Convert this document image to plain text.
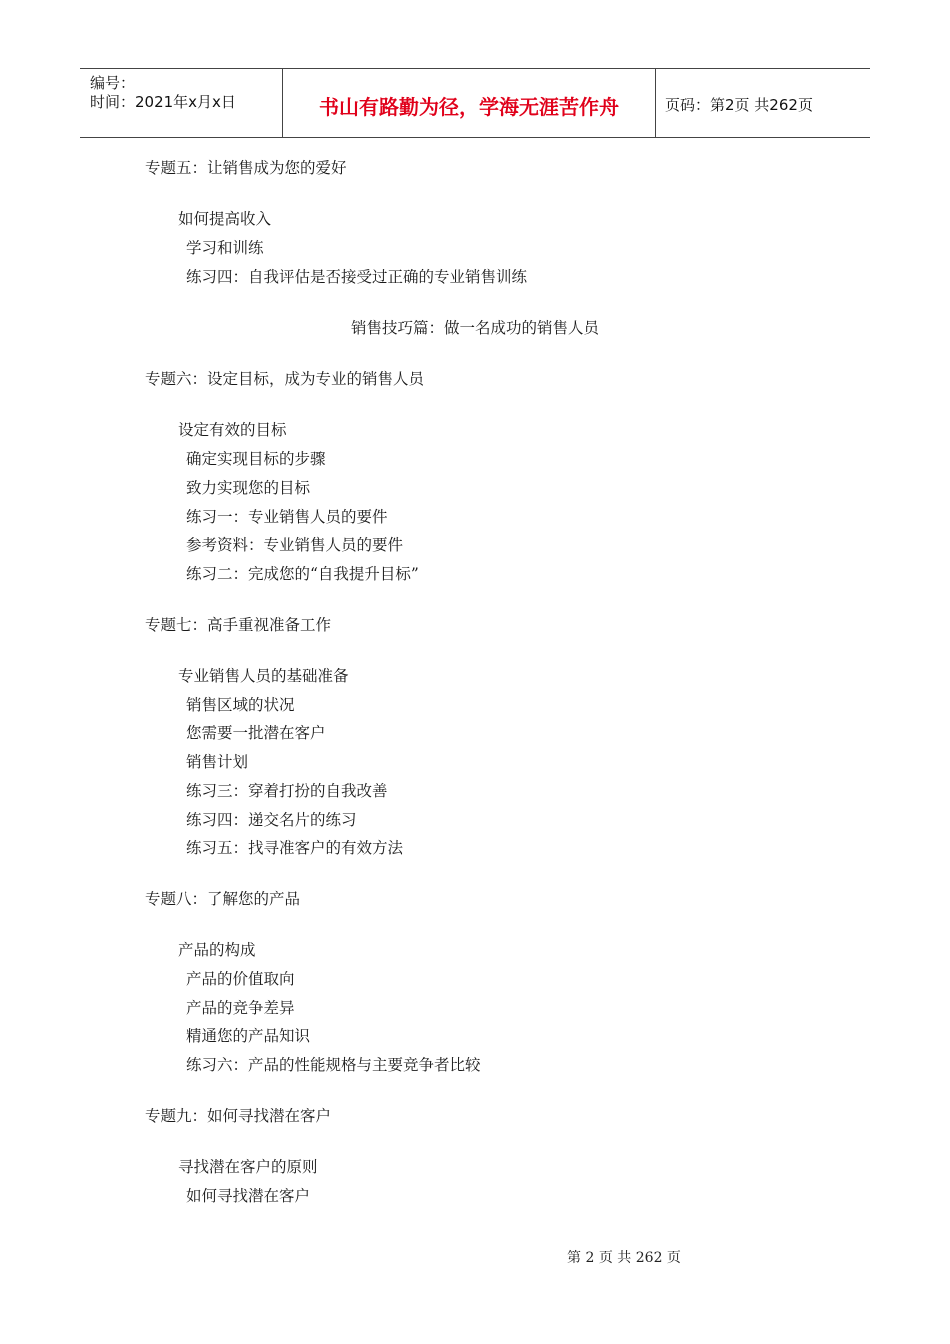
编号：
时间：2021年x月x日	书山有路勤为径，学海无涯苦作舟	页码：第2页 共262页
专题五：让销售成为您的爱好
如何提高收入
学习和训练
练习四：自我评估是否接受过正确的专业销售训练
销售技巧篇：做一名成功的销售人员
专题六：设定目标，成为专业的销售人员
设定有效的目标
确定实现目标的步骤
致力实现您的目标
练习一：专业销售人员的要件
参考资料：专业销售人员的要件
练习二：完成您的“自我提升目标”
专题七：高手重视准备工作
专业销售人员的基础准备
销售区域的状况
您需要一批潜在客户
销售计划
练习三：穿着打扮的自我改善
练习四：递交名片的练习
练习五：找寻准客户的有效方法
专题八：了解您的产品
产品的构成
产品的价值取向
产品的竞争差异
精通您的产品知识
练习六：产品的性能规格与主要竞争者比较
专题九：如何寻找潜在客户
寻找潜在客户的原则
如何寻找潜在客户
第 2 页 共 262 页
